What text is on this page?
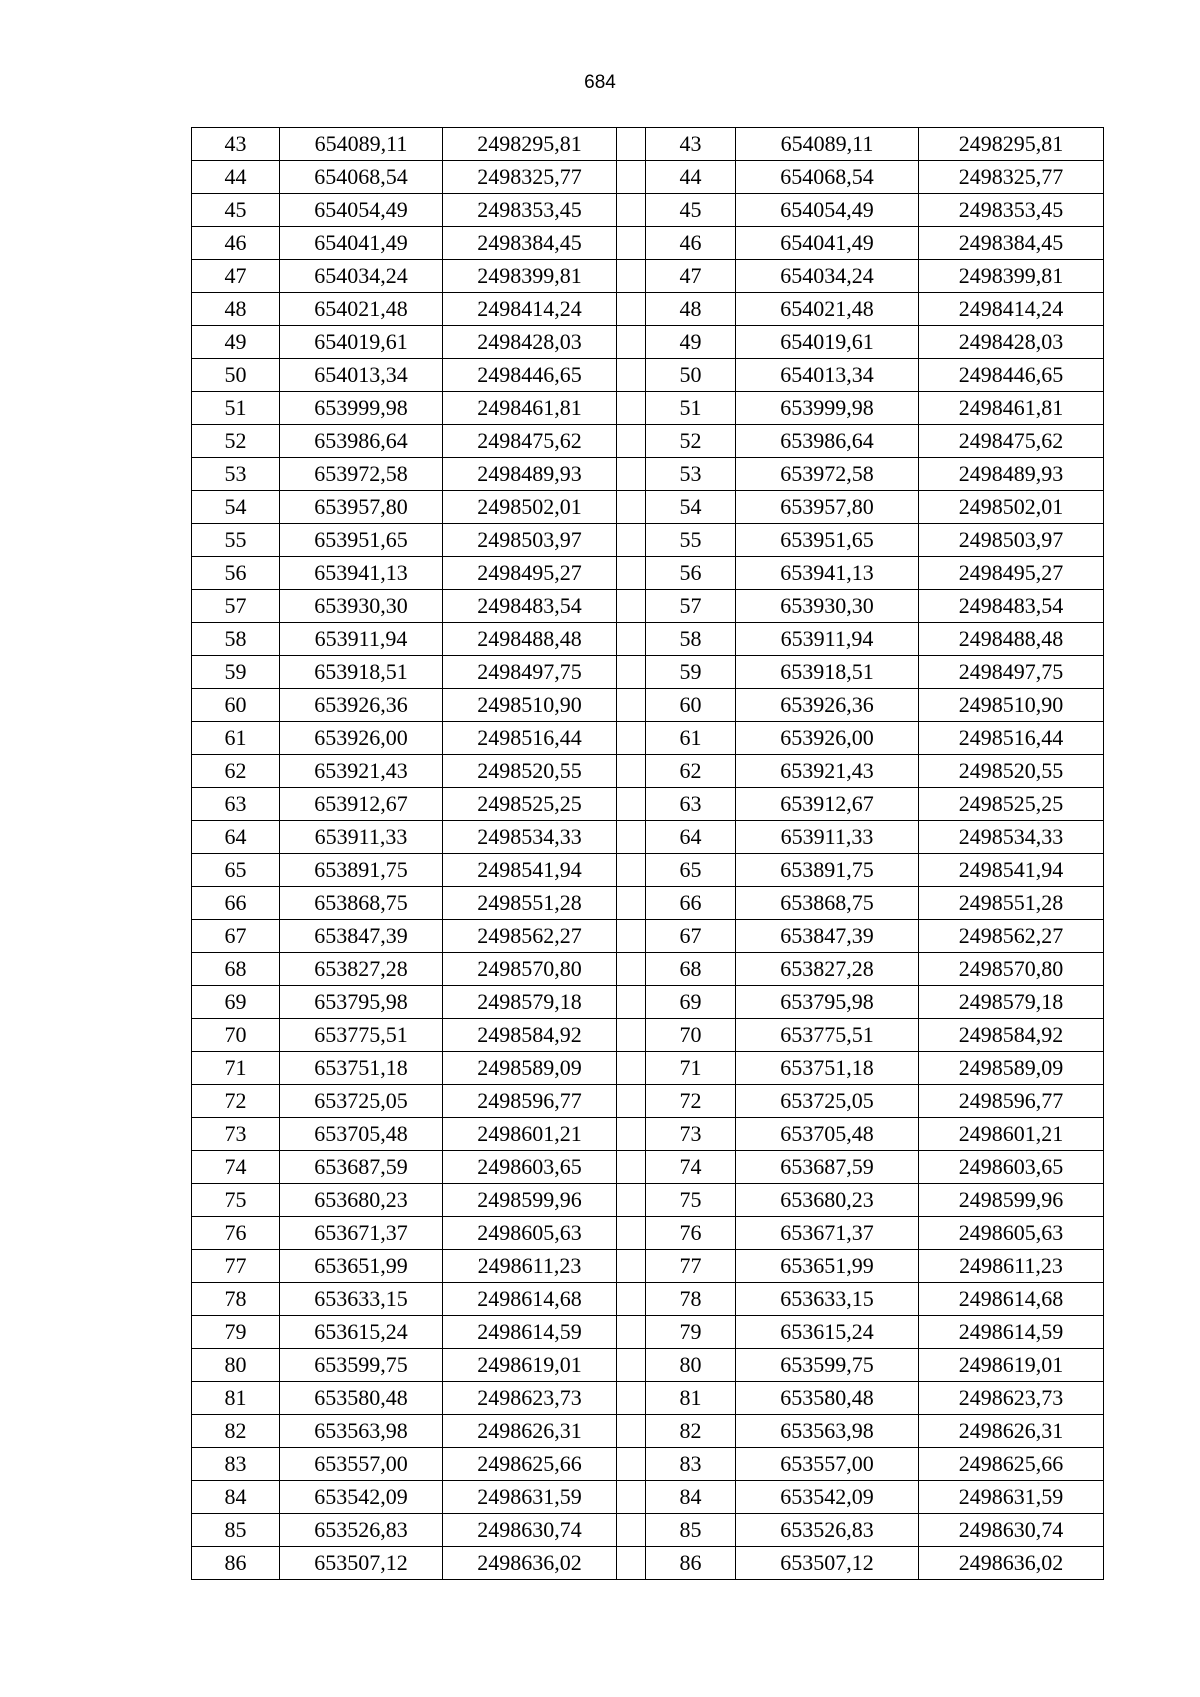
684
43	654089,11	2498295,81		43	654089,11	2498295,81
44	654068,54	2498325,77		44	654068,54	2498325,77
45	654054,49	2498353,45		45	654054,49	2498353,45
46	654041,49	2498384,45		46	654041,49	2498384,45
47	654034,24	2498399,81		47	654034,24	2498399,81
48	654021,48	2498414,24		48	654021,48	2498414,24
49	654019,61	2498428,03		49	654019,61	2498428,03
50	654013,34	2498446,65		50	654013,34	2498446,65
51	653999,98	2498461,81		51	653999,98	2498461,81
52	653986,64	2498475,62		52	653986,64	2498475,62
53	653972,58	2498489,93		53	653972,58	2498489,93
54	653957,80	2498502,01		54	653957,80	2498502,01
55	653951,65	2498503,97		55	653951,65	2498503,97
56	653941,13	2498495,27		56	653941,13	2498495,27
57	653930,30	2498483,54		57	653930,30	2498483,54
58	653911,94	2498488,48		58	653911,94	2498488,48
59	653918,51	2498497,75		59	653918,51	2498497,75
60	653926,36	2498510,90		60	653926,36	2498510,90
61	653926,00	2498516,44		61	653926,00	2498516,44
62	653921,43	2498520,55		62	653921,43	2498520,55
63	653912,67	2498525,25		63	653912,67	2498525,25
64	653911,33	2498534,33		64	653911,33	2498534,33
65	653891,75	2498541,94		65	653891,75	2498541,94
66	653868,75	2498551,28		66	653868,75	2498551,28
67	653847,39	2498562,27		67	653847,39	2498562,27
68	653827,28	2498570,80		68	653827,28	2498570,80
69	653795,98	2498579,18		69	653795,98	2498579,18
70	653775,51	2498584,92		70	653775,51	2498584,92
71	653751,18	2498589,09		71	653751,18	2498589,09
72	653725,05	2498596,77		72	653725,05	2498596,77
73	653705,48	2498601,21		73	653705,48	2498601,21
74	653687,59	2498603,65		74	653687,59	2498603,65
75	653680,23	2498599,96		75	653680,23	2498599,96
76	653671,37	2498605,63		76	653671,37	2498605,63
77	653651,99	2498611,23		77	653651,99	2498611,23
78	653633,15	2498614,68		78	653633,15	2498614,68
79	653615,24	2498614,59		79	653615,24	2498614,59
80	653599,75	2498619,01		80	653599,75	2498619,01
81	653580,48	2498623,73		81	653580,48	2498623,73
82	653563,98	2498626,31		82	653563,98	2498626,31
83	653557,00	2498625,66		83	653557,00	2498625,66
84	653542,09	2498631,59		84	653542,09	2498631,59
85	653526,83	2498630,74		85	653526,83	2498630,74
86	653507,12	2498636,02		86	653507,12	2498636,02
